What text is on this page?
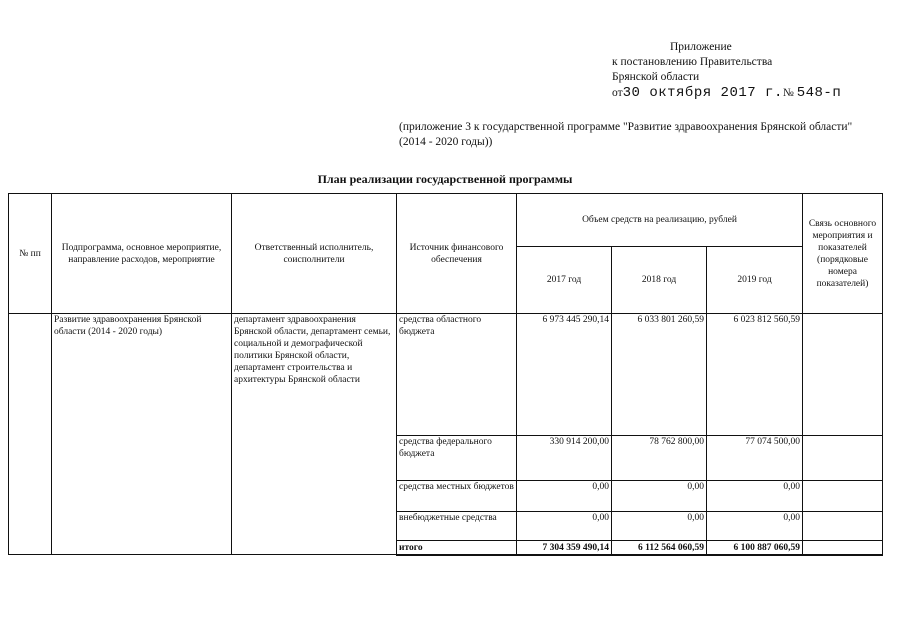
Приложение
к постановлению Правительства
Брянской области
от30 октября 2017 г.№ 548-п
(приложение 3 к государственной программе "Развитие здравоохранения Брянской области" (2014 - 2020 годы))
План реализации государственной программы
№ пп	Подпрограмма, основное мероприятие, направление расходов, мероприятие	Ответственный исполнитель, соисполнители	Источник финансового обеспечения	Объем средств на реализацию, рублей			Связь основного мероприятия и показателей (порядковые номера показателей)
				2017 год	2018 год	2019 год	
	Развитие здравоохранения Брянской области (2014 - 2020 годы)	департамент здравоохранения Брянской области, департамент семьи, социальной и демографической политики Брянской области, департамент строительства и архитектуры Брянской области	средства областного бюджета	6 973 445 290,14	6 033 801 260,59	6 023 812 560,59	
			средства федерального бюджета	330 914 200,00	78 762 800,00	77 074 500,00	
			средства местных бюджетов	0,00	0,00	0,00	
			внебюджетные средства	0,00	0,00	0,00	
			итого	7 304 359 490,14	6 112 564 060,59	6 100 887 060,59	
